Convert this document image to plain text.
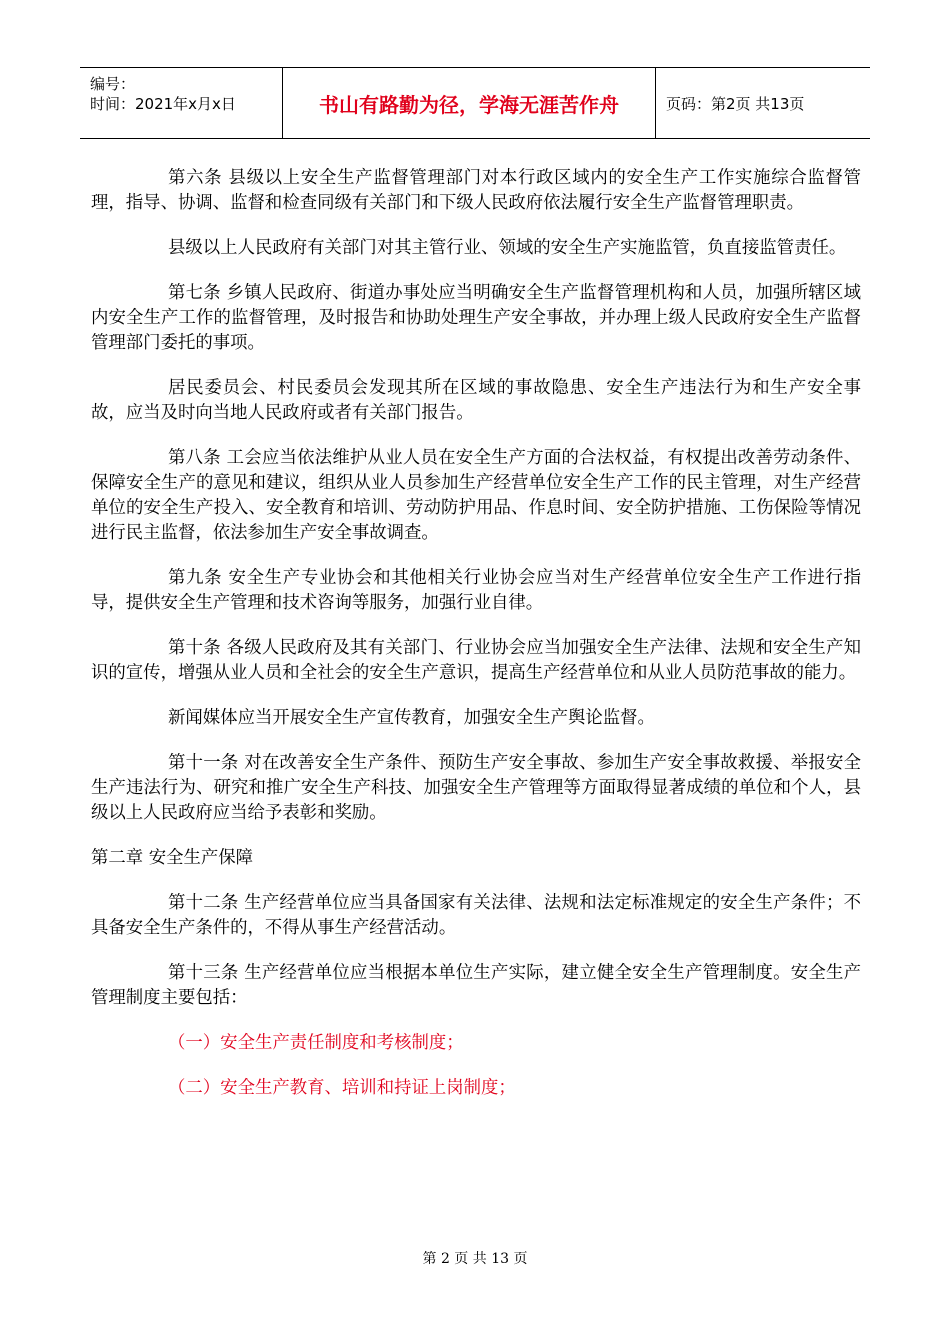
编号：
时间：2021年x月x日	书山有路勤为径，学海无涯苦作舟	页码：第2页 共13页

第六条 县级以上安全生产监督管理部门对本行政区域内的安全生产工作实施综合监督管理，指导、协调、监督和检查同级有关部门和下级人民政府依法履行安全生产监督管理职责。

县级以上人民政府有关部门对其主管行业、领域的安全生产实施监管，负直接监管责任。

第七条 乡镇人民政府、街道办事处应当明确安全生产监督管理机构和人员，加强所辖区域内安全生产工作的监督管理，及时报告和协助处理生产安全事故，并办理上级人民政府安全生产监督管理部门委托的事项。

居民委员会、村民委员会发现其所在区域的事故隐患、安全生产违法行为和生产安全事故，应当及时向当地人民政府或者有关部门报告。

第八条 工会应当依法维护从业人员在安全生产方面的合法权益，有权提出改善劳动条件、保障安全生产的意见和建议，组织从业人员参加生产经营单位安全生产工作的民主管理，对生产经营单位的安全生产投入、安全教育和培训、劳动防护用品、作息时间、安全防护措施、工伤保险等情况进行民主监督，依法参加生产安全事故调查。

第九条 安全生产专业协会和其他相关行业协会应当对生产经营单位安全生产工作进行指导，提供安全生产管理和技术咨询等服务，加强行业自律。

第十条 各级人民政府及其有关部门、行业协会应当加强安全生产法律、法规和安全生产知识的宣传，增强从业人员和全社会的安全生产意识，提高生产经营单位和从业人员防范事故的能力。

新闻媒体应当开展安全生产宣传教育，加强安全生产舆论监督。

第十一条 对在改善安全生产条件、预防生产安全事故、参加生产安全事故救援、举报安全生产违法行为、研究和推广安全生产科技、加强安全生产管理等方面取得显著成绩的单位和个人，县级以上人民政府应当给予表彰和奖励。

第二章 安全生产保障

第十二条 生产经营单位应当具备国家有关法律、法规和法定标准规定的安全生产条件；不具备安全生产条件的，不得从事生产经营活动。

第十三条 生产经营单位应当根据本单位生产实际，建立健全安全生产管理制度。安全生产管理制度主要包括：

（一）安全生产责任制度和考核制度；

（二）安全生产教育、培训和持证上岗制度；

第 2 页 共 13 页
